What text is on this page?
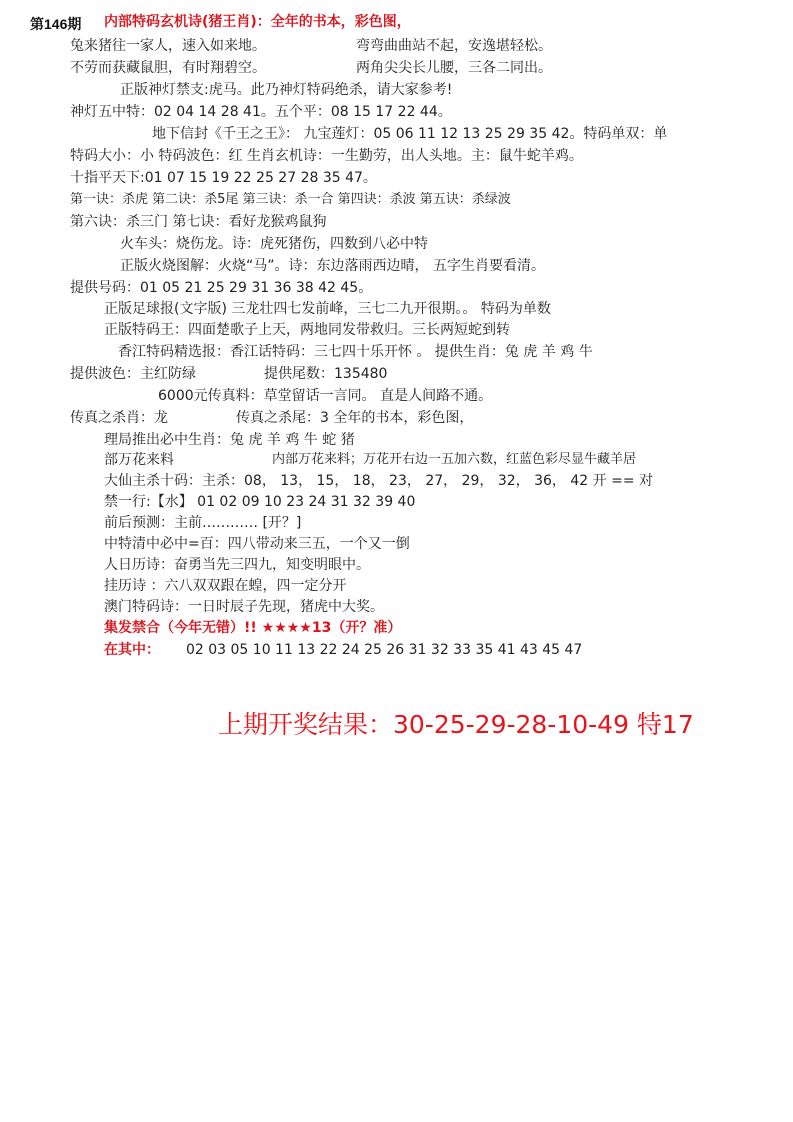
第146期 内部特码玄机诗(猪王肖)：全年的书本，彩色图，
兔来猪往一家人，速入如来地。	弯弯曲曲站不起，安逸堪轻松。
不劳而获藏鼠胆，有时翔碧空。	两角尖尖长儿腰，三各二同出。
正版神灯禁支:虎马。此乃神灯特码绝杀，请大家参考!
神灯五中特：02 04 14 28 41。五个平：08 15 17 22 44。
地下信封《千王之王》： 九宝莲灯：05 06 11 12 13 25 29 35 42。特码单双：单
特码大小：小 特码波色：红 生肖玄机诗：一生勤劳，出人头地。主：鼠牛蛇羊鸡。
十指平天下:01 07 15 19 22 25 27 28 35 47。
第一诀：杀虎 第二诀：杀5尾 第三诀：杀一合 第四诀：杀波 第五诀：杀绿波
第六诀：杀三门 第七诀：看好龙猴鸡鼠狗
火车头：烧伤龙。诗：虎死猪伤，四数到八必中特
正版火烧图解：火烧“马”。诗：东边落雨西边晴， 五字生肖要看清。
提供号码：01 05 21 25 29 31 36 38 42 45。
正版足球报(文字版) 三龙壮四七发前峰，三七二九开很期。。 特码为单数
正版特码王：四面楚歌子上天，两地同发带救归。三长两短蛇到转
香江特码精选报：香江话特码：三七四十乐开怀 。 提供生肖：兔 虎 羊 鸡 牛
提供波色：主红防绿	提供尾数：135480
6000元传真料：草堂留话一言同。 直是人间路不通。
传真之杀肖：龙	传真之杀尾：3 全年的书本，彩色图，
理局推出必中生肖：兔 虎 羊 鸡 牛 蛇 猪
部万花来料	内部万花来料；万花开右边一五加六数，红蓝色彩尽显牛藏羊居
大仙主杀十码：主杀：08， 13， 15， 18， 23， 27， 29， 32， 36， 42 开 == 对
禁一行:【水】 01 02 09 10 23 24 31 32 39 40
前后预测：主前………… [开？]
中特清中必中=百：四八带动来三五，一个又一倒
人日历诗：奋勇当先三四九，知变明眼中。
挂历诗 ：六八双双跟在蝗，四一定分开
澳门特码诗：一日时辰子先现，猪虎中大奖。
集发禁合（今年无错）!! ★★★★13（开？准）
在其中： 02 03 05 10 11 13 22 24 25 26 31 32 33 35 41 43 45 47
上期开奖结果：30-25-29-28-10-49 特17
